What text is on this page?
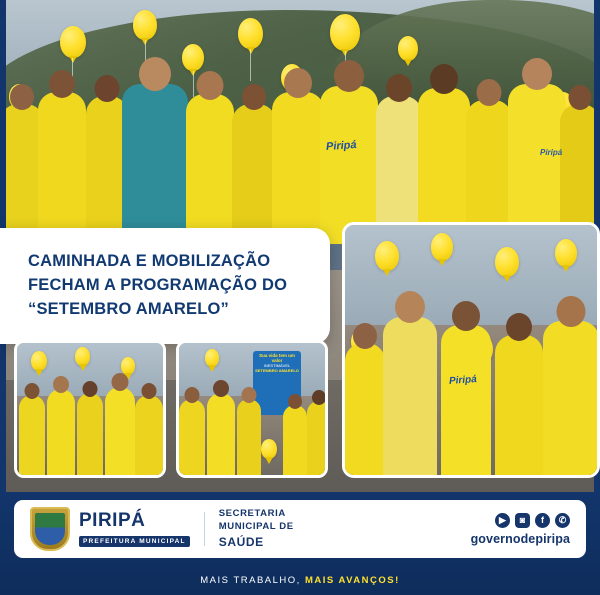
Piripá	Piripá
CAMINHADA E MOBILIZAÇÃO
FECHAM A PROGRAMAÇÃO DO
“SETEMBRO AMARELO”
Sua vida tem um valor
INESTIMÁVEL
SETEMBRO AMARELO
Piripá
PIRIPÁ
PREFEITURA MUNICIPAL
SECRETARIA
MUNICIPAL DE
SAÚDE
▶	◙	f	✆
governodepiripa
MAIS TRABALHO, MAIS AVANÇOS!
